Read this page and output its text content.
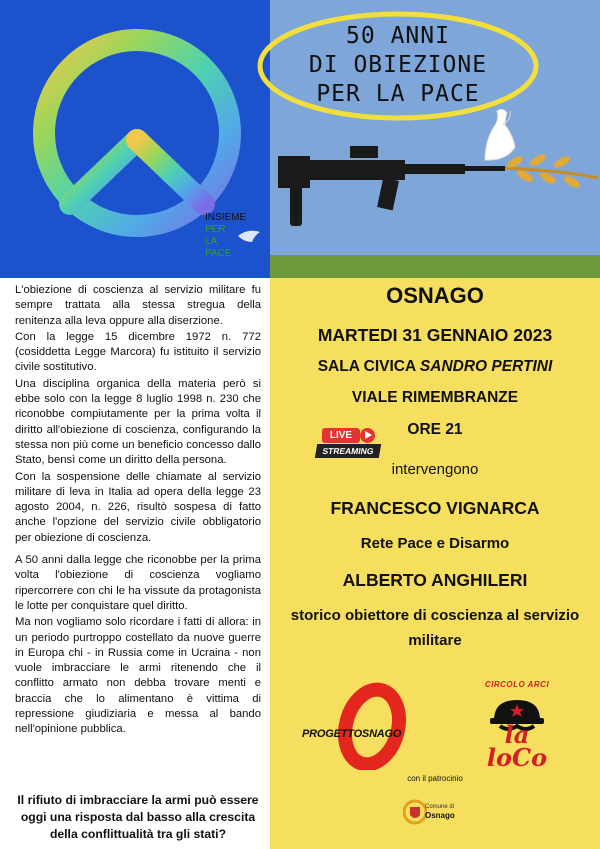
50 ANNI
DI OBIEZIONE
PER LA PACE
INSIEME
PER
LA
PACE

L'obiezione di coscienza al servizio militare fu sempre trattata alla stessa stregua della renitenza alla leva oppure alla diserzione.

Con la legge 15 dicembre 1972 n. 772 (cosiddetta Legge Marcora) fu istituito il servizio civile sostitutivo.

Una disciplina organica della materia però si ebbe solo con la legge 8 luglio 1998 n. 230 che riconobbe compiutamente per la prima volta il diritto all'obiezione di coscienza, configurando la stessa non più come un beneficio concesso dallo Stato, bensì come un diritto della persona.

Con la sospensione delle chiamate al servizio militare di leva in Italia ad opera della legge 23 agosto 2004, n. 226, risultò sospesa di fatto anche l'opzione del servizio civile obbligatorio per obiezione di coscienza.

A 50 anni dalla legge che riconobbe per la prima volta l'obiezione di coscienza vogliamo ripercorrere con chi le ha vissute da protagonista le lotte per conquistare quel diritto.

Ma non vogliamo solo ricordare i fatti di allora: in un periodo purtroppo costellato da nuove guerre in Europa chi - in Russia come in Ucraina - non vuole imbracciare le armi ritenendo che il conflitto armato non debba trovare menti e braccia che lo alimentano è vittima di repressione giudiziaria e messa al bando nell'opinione pubblica.

Il rifiuto di imbracciare la armi può essere oggi una risposta dal basso alla crescita della conflittualità tra gli stati?
OSNAGO
MARTEDI 31 GENNAIO 2023
SALA CIVICA SANDRO PERTINI
VIALE RIMEMBRANZE
ORE 21
LIVE
STREAMING
intervengono
FRANCESCO VIGNARCA
Rete Pace e Disarmo
ALBERTO ANGHILERI
storico obiettore di coscienza al servizio militare
PROGETTOSNAGO
CIRCOLO ARCI
la
loCo
con il patrocinio
Comune di
Osnago
